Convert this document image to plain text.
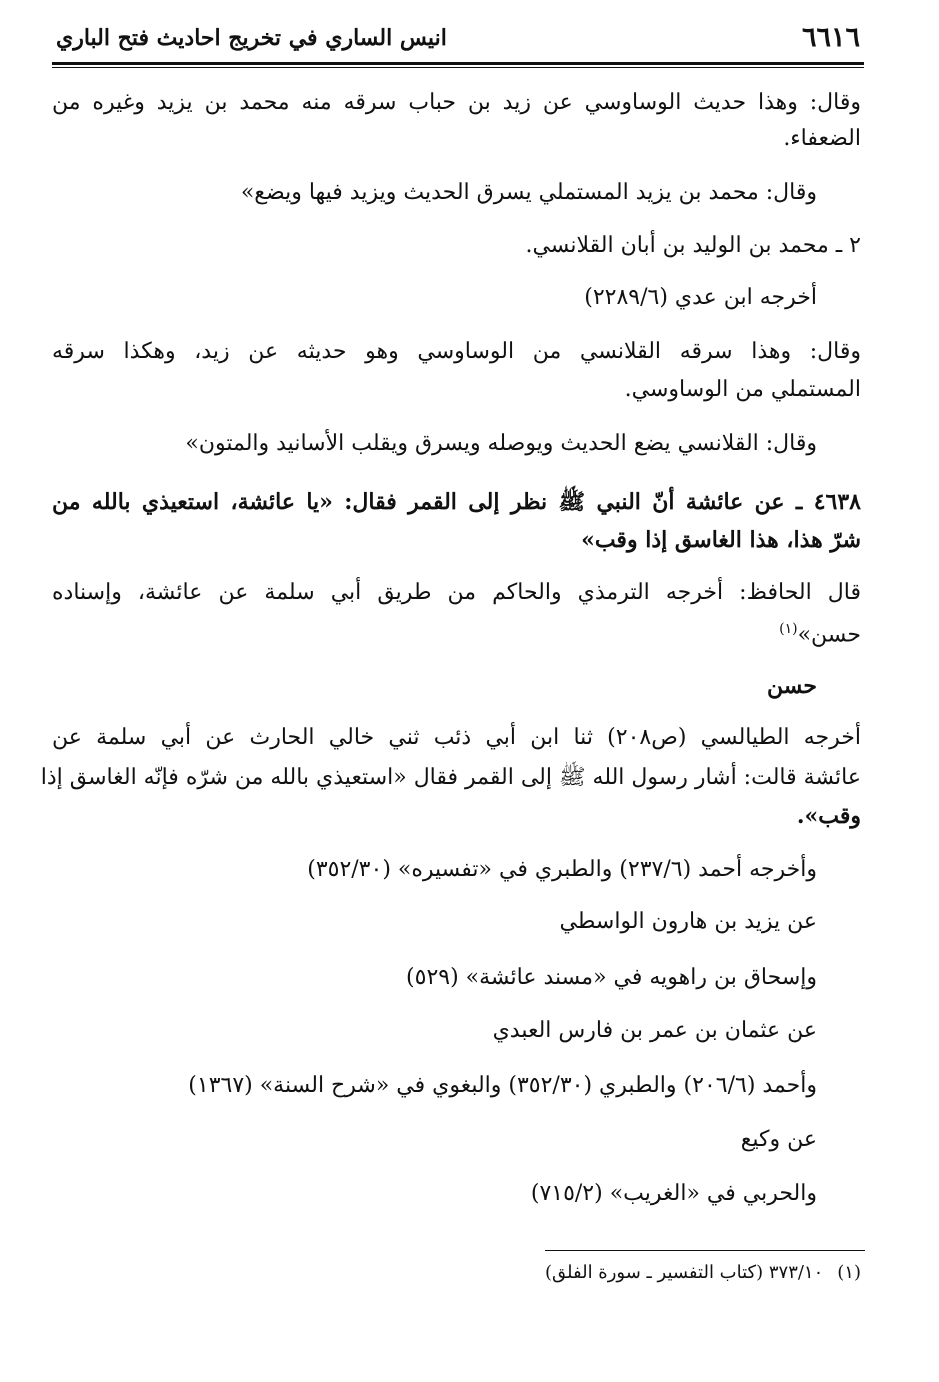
٦٦١٦
انيس الساري في تخريج احاديث فتح الباري
وقال: وهذا حديث الوساوسي عن زيد بن حباب سرقه منه محمد بن يزيد وغيره من
الضعفاء.
وقال: محمد بن يزيد المستملي يسرق الحديث ويزيد فيها ويضع»
٢ ـ محمد بن الوليد بن أبان القلانسي.
أخرجه ابن عدي (٢٢٨٩/٦)
وقال: وهذا سرقه القلانسي من الوساوسي وهو حديثه عن زيد، وهكذا سرقه
المستملي من الوساوسي.
وقال: القلانسي يضع الحديث ويوصله ويسرق ويقلب الأسانيد والمتون»
٤٦٣٨ ـ عن عائشة أنّ النبي ﷺ نظر إلى القمر فقال: «يا عائشة، استعيذي بالله من
شرّ هذا، هذا الغاسق إذا وقب»
قال الحافظ: أخرجه الترمذي والحاكم من طريق أبي سلمة عن عائشة، وإسناده
حسن»$^{(١)}$
حسن
أخرجه الطيالسي (ص٢٠٨) ثنا ابن أبي ذئب ثني خالي الحارث عن أبي سلمة عن
عائشة قالت: أشار رسول الله ﷺ إلى القمر فقال «استعيذي بالله من شرّه فإنّه الغاسق إذا
وقب».
وأخرجه أحمد (٢٣٧/٦) والطبري في «تفسيره» (٣٥٢/٣٠)
عن يزيد بن هارون الواسطي
وإسحاق بن راهويه في «مسند عائشة» (٥٢٩)
عن عثمان بن عمر بن فارس العبدي
وأحمد (٢٠٦/٦) والطبري (٣٥٢/٣٠) والبغوي في «شرح السنة» (١٣٦٧)
عن وكيع
والحربي في «الغريب» (٧١٥/٢)
(١)٣٧٣/١٠ (كتاب التفسير ـ سورة الفلق)
